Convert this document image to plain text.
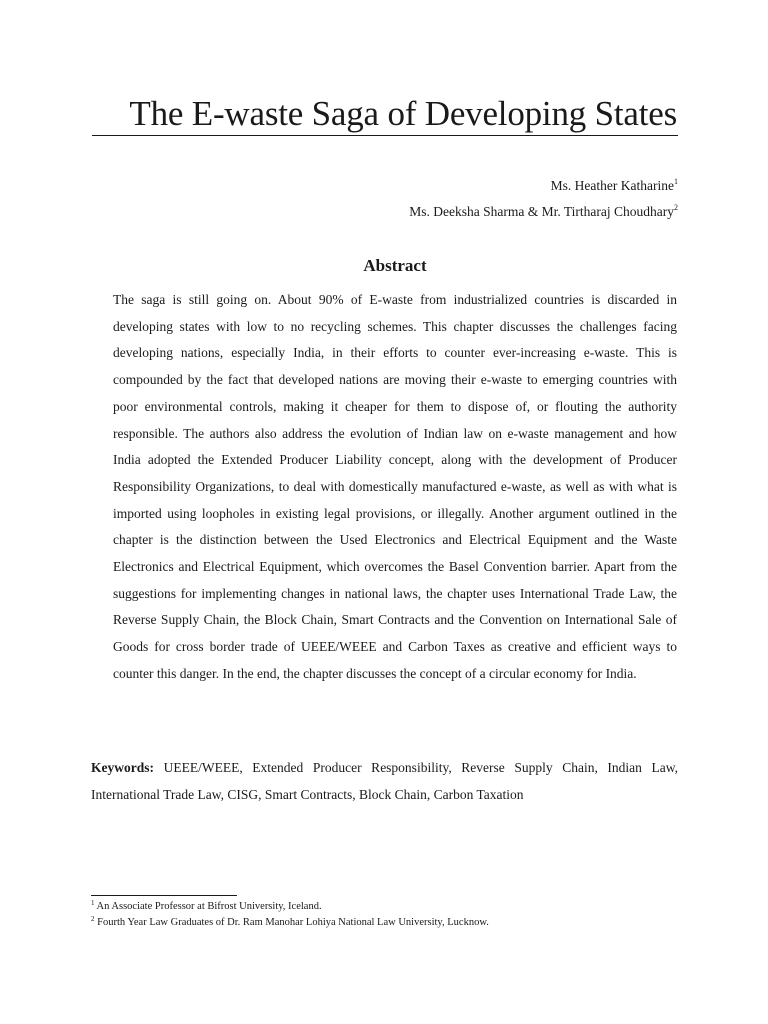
The E-waste Saga of Developing States
Ms. Heather Katharine$^1$
Ms. Deeksha Sharma & Mr. Tirtharaj Choudhary$^2$
Abstract

The saga is still going on. About 90% of E-waste from industrialized countries is discarded in developing states with low to no recycling schemes. This chapter discusses the challenges facing developing nations, especially India, in their efforts to counter ever-increasing e-waste. This is compounded by the fact that developed nations are moving their e-waste to emerging countries with poor environmental controls, making it cheaper for them to dispose of, or flouting the authority responsible. The authors also address the evolution of Indian law on e-waste management and how India adopted the Extended Producer Liability concept, along with the development of Producer Responsibility Organizations, to deal with domestically manufactured e-waste, as well as with what is imported using loopholes in existing legal provisions, or illegally. Another argument outlined in the chapter is the distinction between the Used Electronics and Electrical Equipment and the Waste Electronics and Electrical Equipment, which overcomes the Basel Convention barrier. Apart from the suggestions for implementing changes in national laws, the chapter uses International Trade Law, the Reverse Supply Chain, the Block Chain, Smart Contracts and the Convention on International Sale of Goods for cross border trade of UEEE/WEEE and Carbon Taxes as creative and efficient ways to counter this danger. In the end, the chapter discusses the concept of a circular economy for India.

Keywords: UEEE/WEEE, Extended Producer Responsibility, Reverse Supply Chain, Indian Law, International Trade Law, CISG, Smart Contracts, Block Chain, Carbon Taxation

$^1$ An Associate Professor at Bifrost University, Iceland.
$^2$ Fourth Year Law Graduates of Dr. Ram Manohar Lohiya National Law University, Lucknow.
